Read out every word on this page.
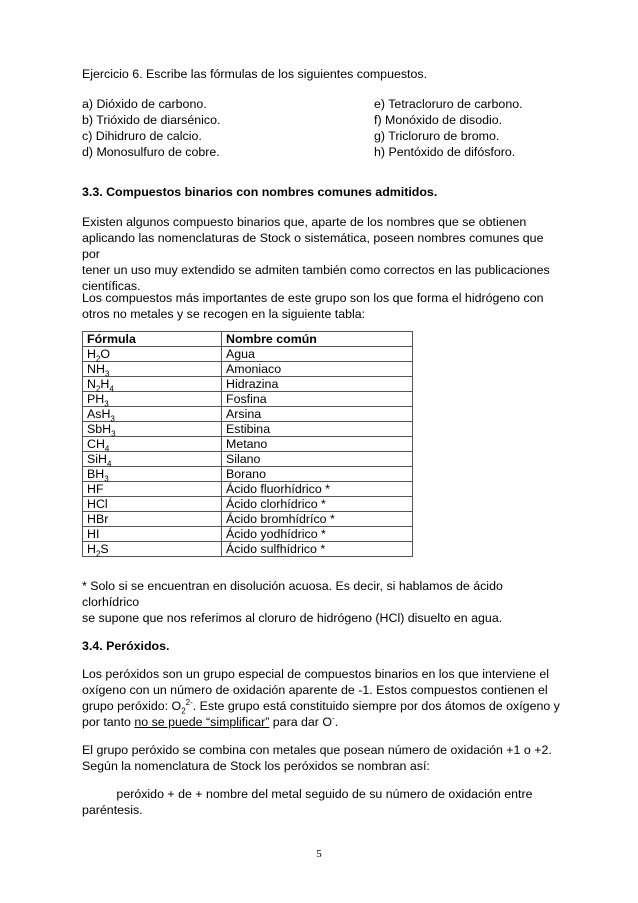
Ejercicio 6. Escribe las fórmulas de los siguientes compuestos.

a) Dióxido de carbono.
b) Trióxido de diarsénico.
c) Dihidruro de calcio.
d) Monosulfuro de cobre.
e) Tetracloruro de carbono.
f) Monóxido de disodio.
g) Tricloruro de bromo.
h) Pentóxido de difósforo.

3.3. Compuestos binarios con nombres comunes admitidos.

Existen algunos compuesto binarios que, aparte de los nombres que se obtienen
aplicando las nomenclaturas de Stock o sistemática, poseen nombres comunes que por
tener un uso muy extendido se admiten también como correctos en las publicaciones
científicas.
Los compuestos más importantes de este grupo son los que forma el hidrógeno con
otros no metales y se recogen en la siguiente tabla:
Fórmula	Nombre común
$H_2O$	Agua
$NH_3$	Amoniaco
$N_2H_4$	Hidrazina
$PH_3$	Fosfina
AsH$_3$	Arsina
SbH$_3$	Estibina
$CH_4$	Metano
SiH$_4$	Silano
$BH_3$	Borano
HF	Ácido fluorhídrico *
HCl	Ácido clorhídrico *
HBr	Ácido bromhídríco *
HI	Ácido yodhídrico *
$H_2S$	Ácido sulfhídrico *
* Solo si se encuentran en disolución acuosa. Es decir, si hablamos de ácido clorhídrico
se supone que nos referimos al cloruro de hidrógeno (HCl) disuelto en agua.

3.4. Peróxidos.

Los peróxidos son un grupo especial de compuestos binarios en los que interviene el
oxígeno con un número de oxidación aparente de -1. Estos compuestos contienen el
grupo peróxido: $O_2^{2-}$. Este grupo está constituido siempre por dos átomos de oxígeno y
por tanto no se puede “simplificar” para dar O-.
El grupo peróxido se combina con metales que posean número de oxidación +1 o +2.
Según la nomenclatura de Stock los peróxidos se nombran así:
peróxido + de + nombre del metal seguido de su número de oxidación entre
paréntesis.
5
